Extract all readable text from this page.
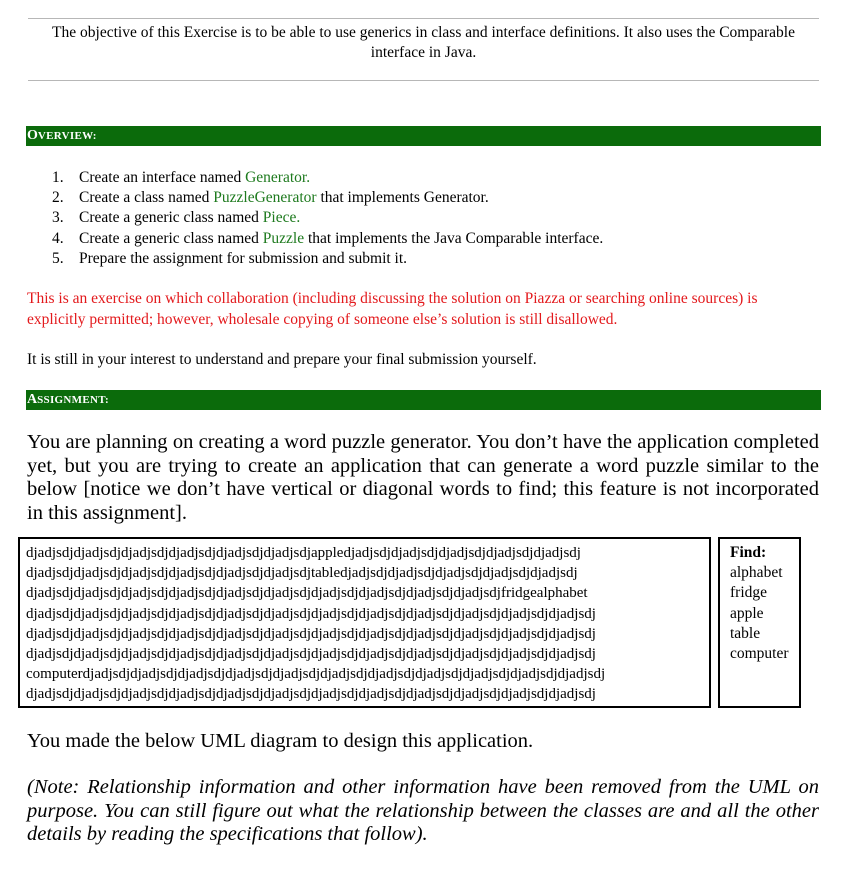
The objective of this Exercise is to be able to use generics in class and interface definitions. It also uses the Comparable interface in Java.
OVERVIEW:
1. Create an interface named Generator.
2. Create a class named PuzzleGenerator that implements Generator.
3. Create a generic class named Piece.
4. Create a generic class named Puzzle that implements the Java Comparable interface.
5. Prepare the assignment for submission and submit it.
This is an exercise on which collaboration (including discussing the solution on Piazza or searching online sources) is explicitly permitted; however, wholesale copying of someone else’s solution is still disallowed.
It is still in your interest to understand and prepare your final submission yourself.
ASSIGNMENT:
You are planning on creating a word puzzle generator. You don’t have the application completed yet, but you are trying to create an application that can generate a word puzzle similar to the below [notice we don’t have vertical or diagonal words to find; this feature is not incorporated in this assignment].
djadjsdjdjadjsdjdjadjsdjdjadjsdjdjadjsdjdjadjsdjappledjadjsdjdjadjsdjdjadjsdjdjadjsdjdjadjsdj
djadjsdjdjadjsdjdjadjsdjdjadjsdjdjadjsdjdjadjsdjtabledjadjsdjdjadjsdjdjadjsdjdjadjsdjdjadjsdj
djadjsdjdjadjsdjdjadjsdjdjadjsdjdjadjsdjdjadjsdjdjadjsdjdjadjsdjdjadjsdjdjadjsdjfridgealphabet
djadjsdjdjadjsdjdjadjsdjdjadjsdjdjadjsdjdjadjsdjdjadjsdjdjadjsdjdjadjsdjdjadjsdjdjadjsdjdjadjsdj
djadjsdjdjadjsdjdjadjsdjdjadjsdjdjadjsdjdjadjsdjdjadjsdjdjadjsdjdjadjsdjdjadjsdjdjadjsdjdjadjsdj
djadjsdjdjadjsdjdjadjsdjdjadjsdjdjadjsdjdjadjsdjdjadjsdjdjadjsdjdjadjsdjdjadjsdjdjadjsdjdjadjsdj
computerdjadjsdjdjadjsdjdjadjsdjdjadjsdjdjadjsdjdjadjsdjdjadjsdjdjadjsdjdjadjsdjdjadjsdjdjadjsdj
djadjsdjdjadjsdjdjadjsdjdjadjsdjdjadjsdjdjadjsdjdjadjsdjdjadjsdjdjadjsdjdjadjsdjdjadjsdjdjadjsdj
Find:
alphabet
fridge
apple
table
computer
You made the below UML diagram to design this application.
(Note: Relationship information and other information have been removed from the UML on purpose. You can still figure out what the relationship between the classes are and all the other details by reading the specifications that follow).
